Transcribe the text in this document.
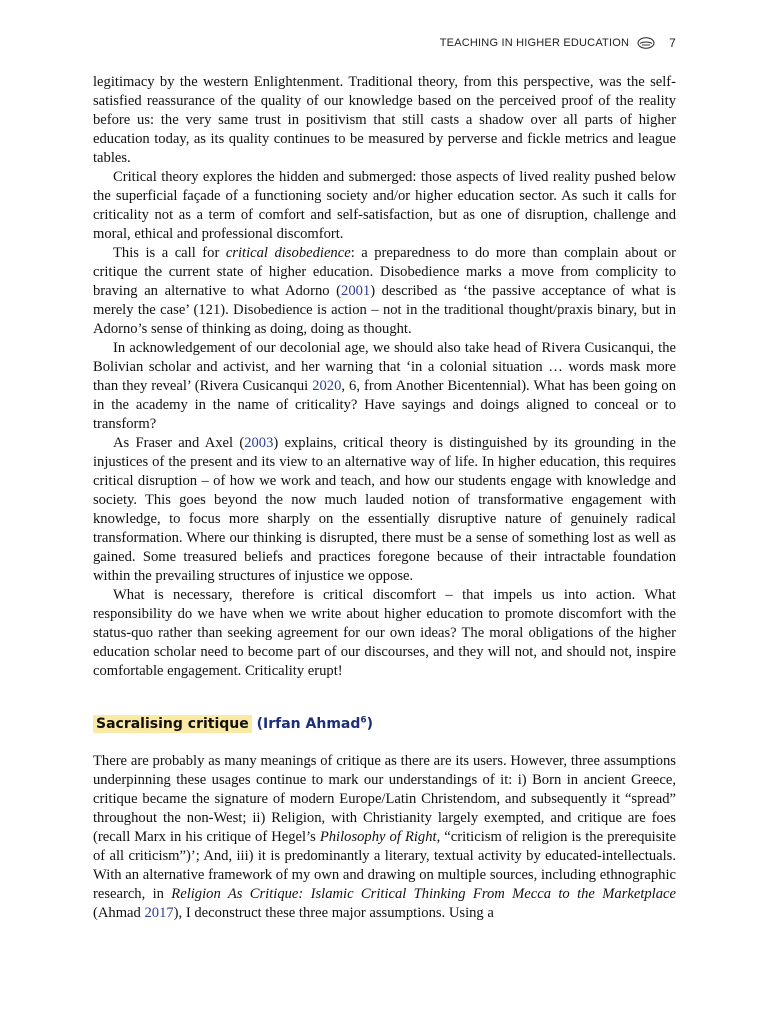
TEACHING IN HIGHER EDUCATION	7

legitimacy by the western Enlightenment. Traditional theory, from this perspective, was the self-satisfied reassurance of the quality of our knowledge based on the perceived proof of the reality before us: the very same trust in positivism that still casts a shadow over all parts of higher education today, as its quality continues to be measured by perverse and fickle metrics and league tables.

Critical theory explores the hidden and submerged: those aspects of lived reality pushed below the superficial façade of a functioning society and/or higher education sector. As such it calls for criticality not as a term of comfort and self-satisfaction, but as one of disruption, challenge and moral, ethical and professional discomfort.

This is a call for critical disobedience: a preparedness to do more than complain about or critique the current state of higher education. Disobedience marks a move from complicity to braving an alternative to what Adorno (2001) described as ‘the passive acceptance of what is merely the case’ (121). Disobedience is action – not in the traditional thought/praxis binary, but in Adorno’s sense of thinking as doing, doing as thought.

In acknowledgement of our decolonial age, we should also take head of Rivera Cusicanqui, the Bolivian scholar and activist, and her warning that ‘in a colonial situation … words mask more than they reveal’ (Rivera Cusicanqui 2020, 6, from Another Bicentennial). What has been going on in the academy in the name of criticality? Have sayings and doings aligned to conceal or to transform?

As Fraser and Axel (2003) explains, critical theory is distinguished by its grounding in the injustices of the present and its view to an alternative way of life. In higher education, this requires critical disruption – of how we work and teach, and how our students engage with knowledge and society. This goes beyond the now much lauded notion of transformative engagement with knowledge, to focus more sharply on the essentially disruptive nature of genuinely radical transformation. Where our thinking is disrupted, there must be a sense of something lost as well as gained. Some treasured beliefs and practices foregone because of their intractable foundation within the prevailing structures of injustice we oppose.

What is necessary, therefore is critical discomfort – that impels us into action. What responsibility do we have when we write about higher education to promote discomfort with the status-quo rather than seeking agreement for our own ideas? The moral obligations of the higher education scholar need to become part of our discourses, and they will not, and should not, inspire comfortable engagement. Criticality erupt!

Sacralising critique (Irfan Ahmad$^6$)

There are probably as many meanings of critique as there are its users. However, three assumptions underpinning these usages continue to mark our understandings of it: i) Born in ancient Greece, critique became the signature of modern Europe/Latin Christendom, and subsequently it “spread” throughout the non-West; ii) Religion, with Christianity largely exempted, and critique are foes (recall Marx in his critique of Hegel’s Philosophy of Right, “criticism of religion is the prerequisite of all criticism”)’; And, iii) it is predominantly a literary, textual activity by educated-intellectuals. With an alternative framework of my own and drawing on multiple sources, including ethnographic research, in Religion As Critique: Islamic Critical Thinking From Mecca to the Marketplace (Ahmad 2017), I deconstruct these three major assumptions. Using a
